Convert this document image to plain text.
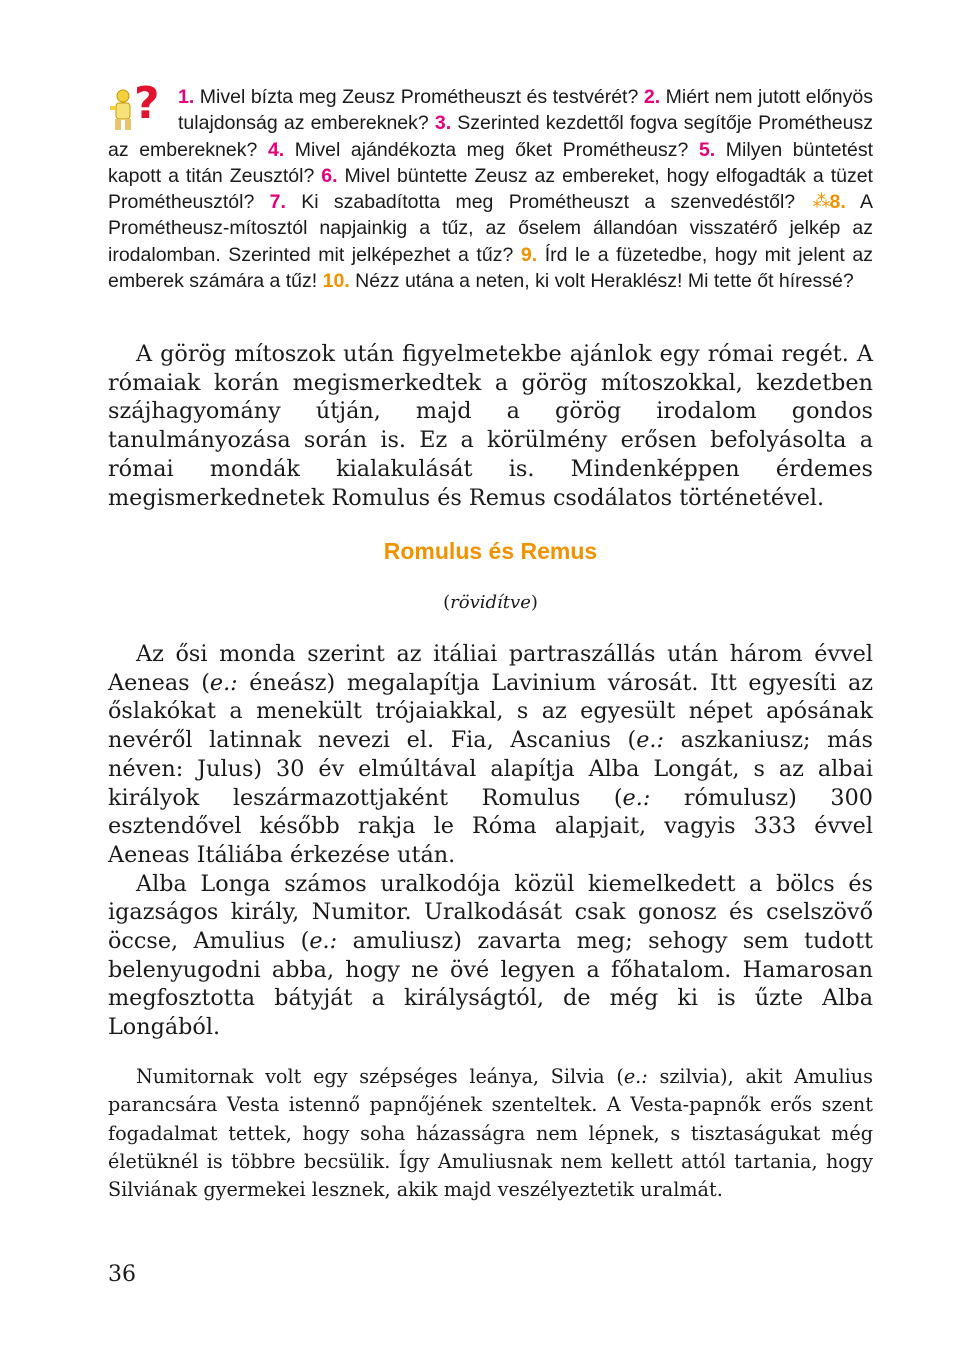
? 1. Mivel bízta meg Zeusz Prométheuszt és testvérét? 2. Miért nem jutott előnyös tulajdonság az embereknek? 3. Szerinted kezdettől fogva segítője Prométheusz az embereknek? 4. Mivel ajándékozta meg őket Prométheusz? 5. Milyen büntetést kapott a titán Zeusztól? 6. Mivel büntette Zeusz az embereket, hogy elfogadták a tüzet Prométheusztól? 7. Ki szabadította meg Prométheuszt a szenvedéstől? ⁂ 8. A Prométheusz-mítosztól napjainkig a tűz, az őselem állandóan visszatérő jelkép az irodalomban. Szerinted mit jelképezhet a tűz? 9. Írd le a füzetedbe, hogy mit jelent az emberek számára a tűz! 10. Nézz utána a neten, ki volt Heraklész! Mi tette őt híressé?

A görög mítoszok után figyelmetekbe ajánlok egy római regét. A rómaiak korán megismerkedtek a görög mítoszokkal, kezdetben szájhagyomány útján, majd a görög irodalom gondos tanulmányozása során is. Ez a körülmény erősen befolyásolta a római mondák kialakulását is. Mindenképpen érdemes megismerkednetek Romulus és Remus csodálatos történetével.

Romulus és Remus
(rövidítve)

Az ősi monda szerint az itáliai partraszállás után három évvel Aeneas (e.: éneász) megalapítja Lavinium városát. Itt egyesíti az őslakókat a menekült trójaiakkal, s az egyesült népet apósának nevéről latinnak nevezi el. Fia, Ascanius (e.: aszkaniusz; más néven: Julus) 30 év elmúltával alapítja Alba Longát, s az albai királyok leszármazottjaként Romulus (e.: rómulusz) 300 esztendővel később rakja le Róma alapjait, vagyis 333 évvel Aeneas Itáliába érkezése után.

Alba Longa számos uralkodója közül kiemelkedett a bölcs és igazságos király, Numitor. Uralkodását csak gonosz és cselszövő öccse, Amulius (e.: amuliusz) zavarta meg; sehogy sem tudott belenyugodni abba, hogy ne övé legyen a főhatalom. Hamarosan megfosztotta bátyját a királyságtól, de még ki is űzte Alba Longából.

Numitornak volt egy szépséges leánya, Silvia (e.: szilvia), akit Amulius parancsára Vesta istennő papnőjének szenteltek. A Vesta-papnők erős szent fogadalmat tettek, hogy soha házasságra nem lépnek, s tisztaságukat még életüknél is többre becsülik. Így Amuliusnak nem kellett attól tartania, hogy Silviának gyermekei lesznek, akik majd veszélyeztetik uralmát.

36
